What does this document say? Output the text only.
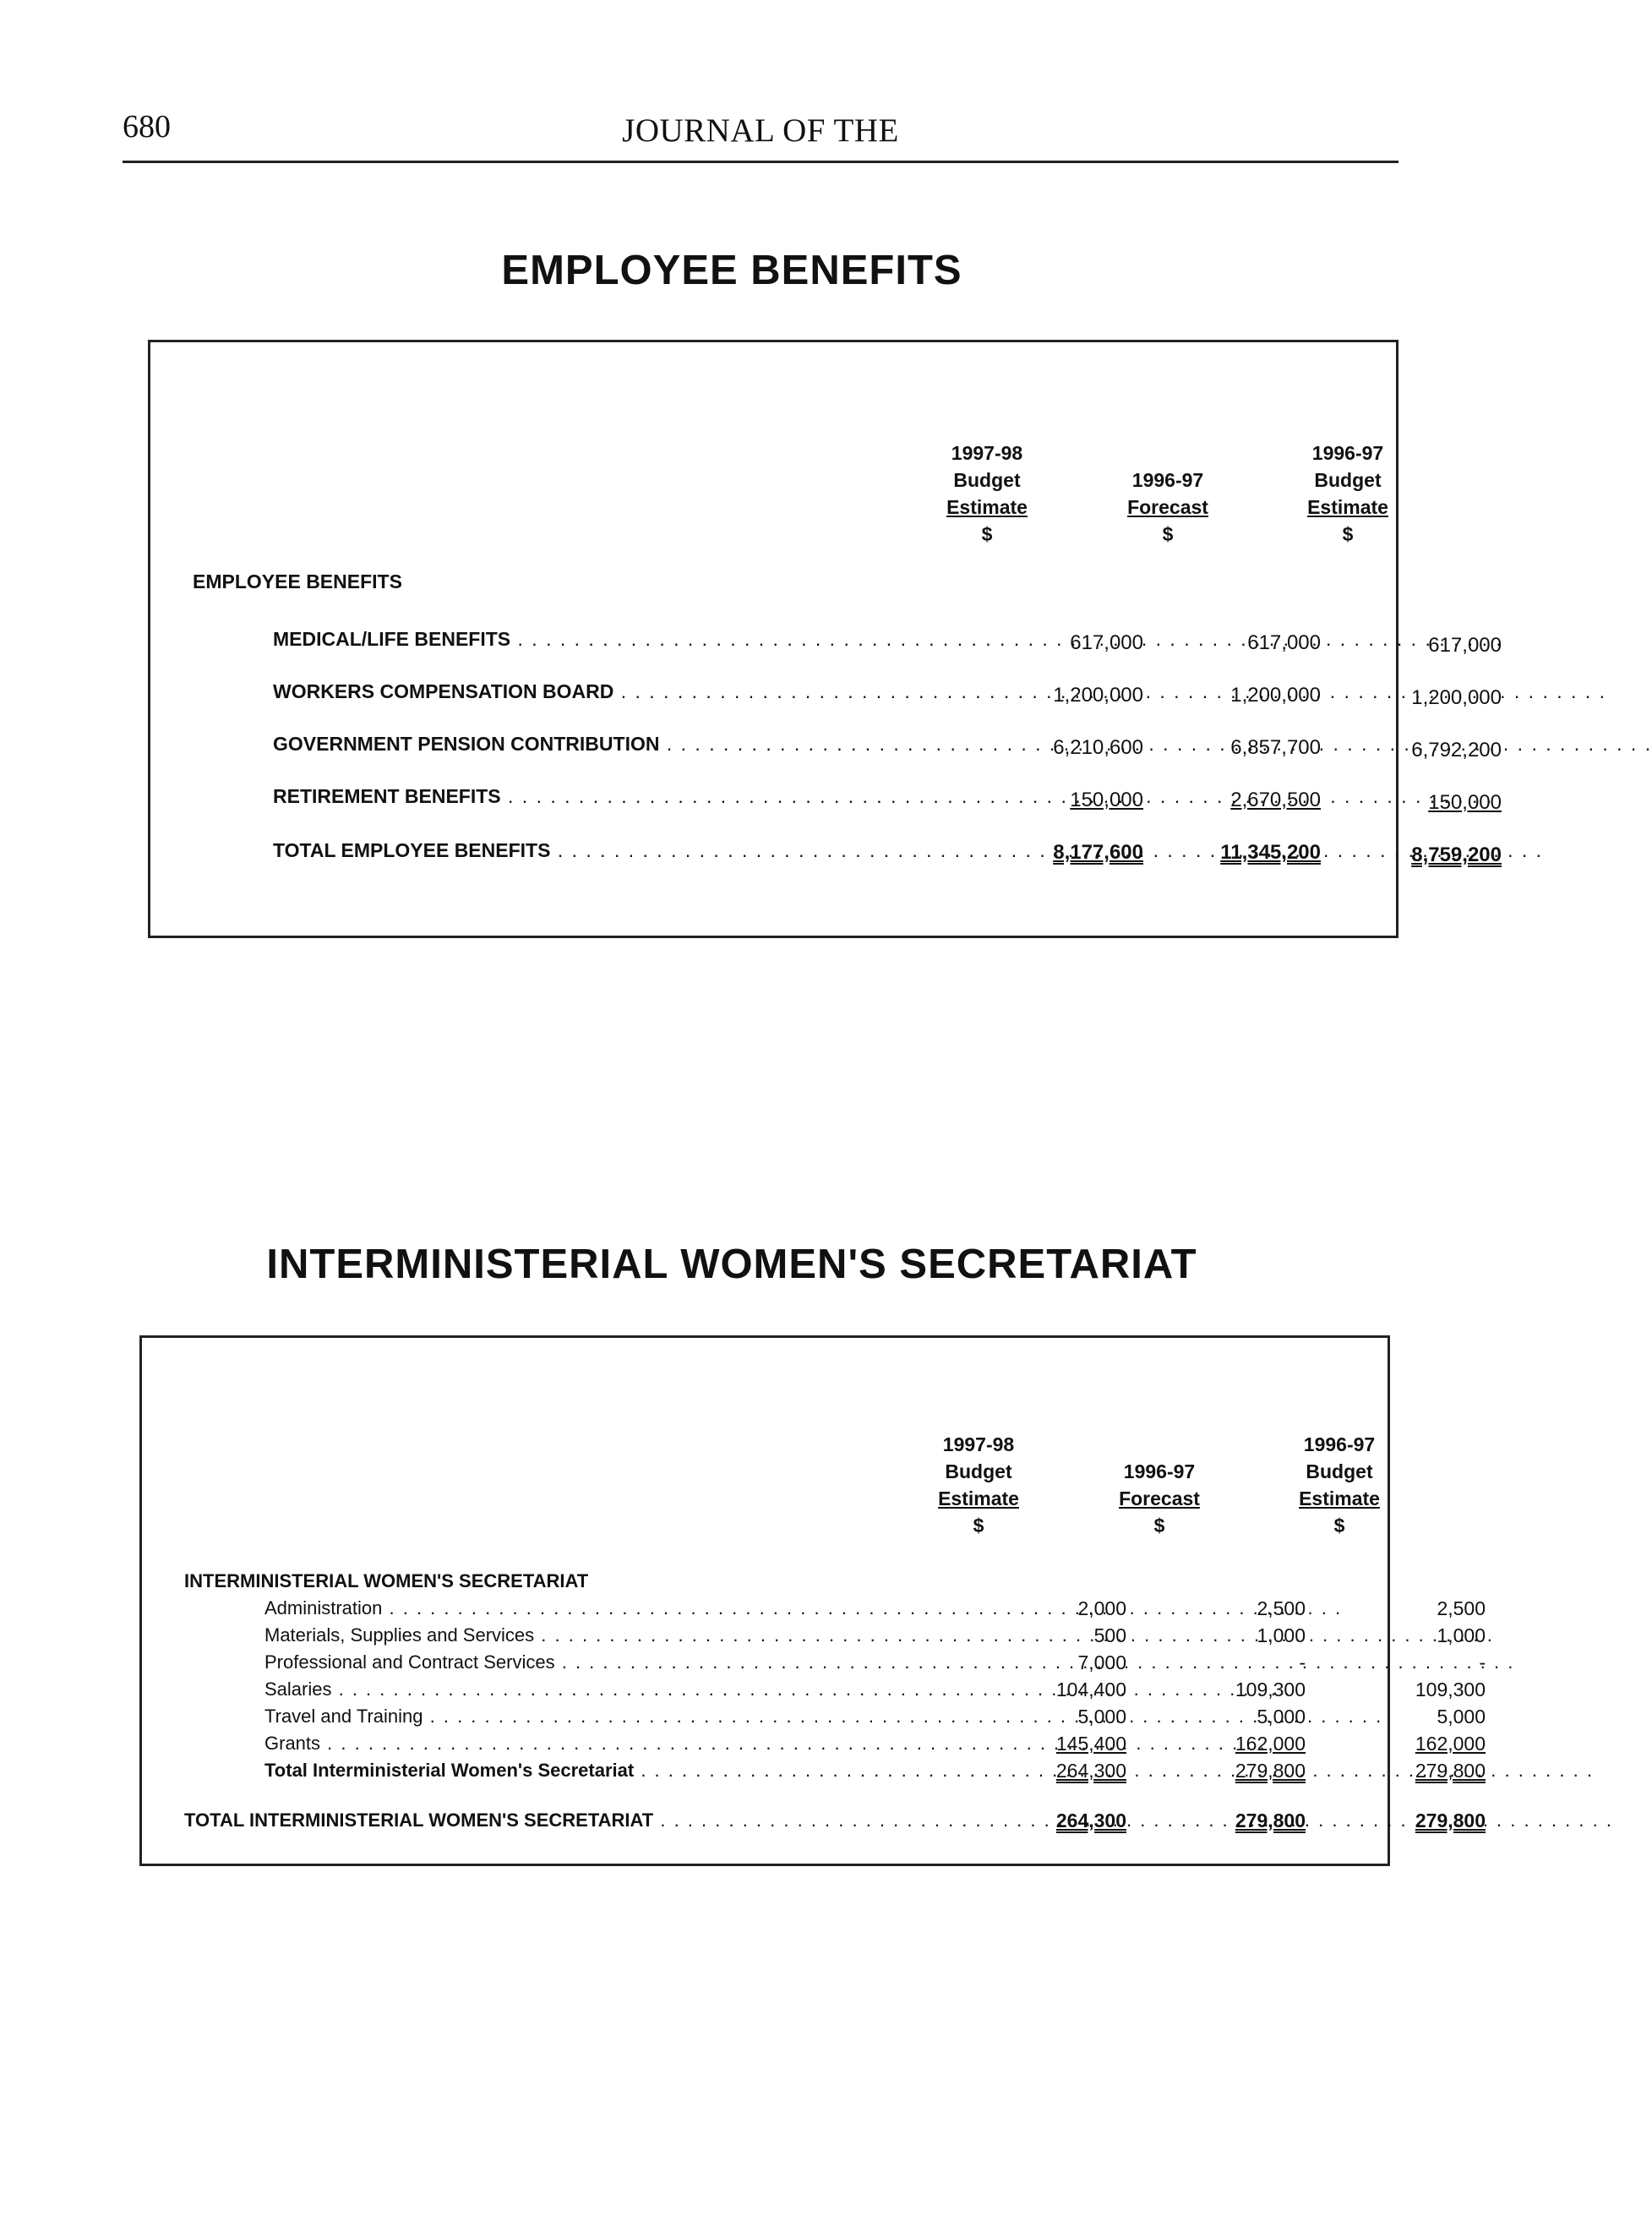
680	JOURNAL OF THE
EMPLOYEE BENEFITS
1997-98
Budget
Estimate
$
1996-97
Forecast
$
1996-97
Budget
Estimate
$
EMPLOYEE BENEFITS
MEDICAL/LIFE BENEFITS . . .	617,000	617,000	617,000
WORKERS COMPENSATION BOARD . . .	1,200,000	1,200,000	1,200,000
GOVERNMENT PENSION CONTRIBUTION . . .	6,210,600	6,857,700	6,792,200
RETIREMENT BENEFITS . . .	150,000	2,670,500	150,000
TOTAL EMPLOYEE BENEFITS . . .	8,177,600	11,345,200	8,759,200
INTERMINISTERIAL WOMEN'S SECRETARIAT
1997-98
Budget
Estimate
$
1996-97
Forecast
$
1996-97
Budget
Estimate
$
INTERMINISTERIAL WOMEN'S SECRETARIAT
Administration . . .	2,000	2,500	2,500
Materials, Supplies and Services . . .	500	1,000	1,000
Professional and Contract Services . . .	7,000	-	-
Salaries . . .	104,400	109,300	109,300
Travel and Training . . .	5,000	5,000	5,000
Grants . . .	145,400	162,000	162,000
Total Interministerial Women's Secretariat . . .	264,300	279,800	279,800
TOTAL INTERMINISTERIAL WOMEN'S SECRETARIAT . . .	264,300	279,800	279,800
